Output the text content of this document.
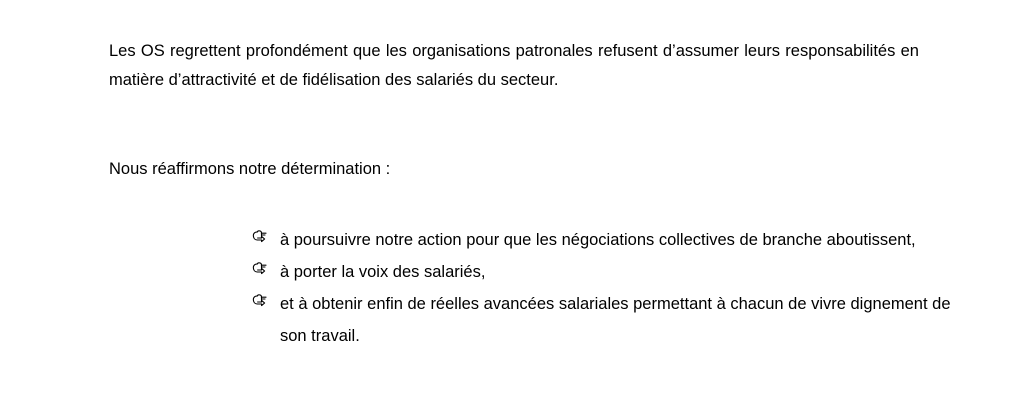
Les OS regrettent profondément que les organisations patronales refusent d’assumer leurs responsabilités en matière d’attractivité et de fidélisation des salariés du secteur.

Nous réaffirmons notre détermination :

à poursuivre notre action pour que les négociations collectives de branche aboutissent,
à porter la voix des salariés,
et à obtenir enfin de réelles avancées salariales permettant à chacun de vivre dignement de son travail.
